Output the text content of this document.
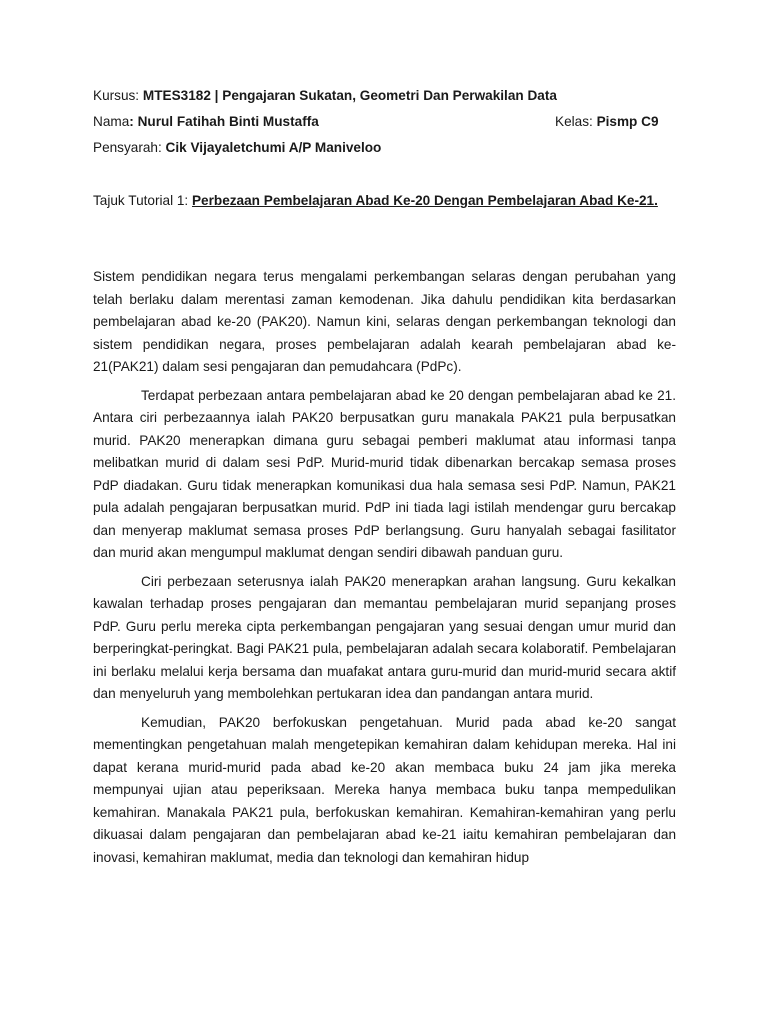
Kursus: MTES3182 | Pengajaran Sukatan, Geometri Dan Perwakilan Data
Nama: Nurul Fatihah Binti Mustaffa	Kelas: Pismp C9
Pensyarah: Cik Vijayaletchumi A/P Maniveloo
Tajuk Tutorial 1: Perbezaan Pembelajaran Abad Ke-20 Dengan Pembelajaran Abad Ke-21.

Sistem pendidikan negara terus mengalami perkembangan selaras dengan perubahan yang telah berlaku dalam merentasi zaman kemodenan. Jika dahulu pendidikan kita berdasarkan pembelajaran abad ke-20 (PAK20). Namun kini, selaras dengan perkembangan teknologi dan sistem pendidikan negara, proses pembelajaran adalah kearah pembelajaran abad ke-21(PAK21) dalam sesi pengajaran dan pemudahcara (PdPc).

Terdapat perbezaan antara pembelajaran abad ke 20 dengan pembelajaran abad ke 21. Antara ciri perbezaannya ialah PAK20 berpusatkan guru manakala PAK21 pula berpusatkan murid. PAK20 menerapkan dimana guru sebagai pemberi maklumat atau informasi tanpa melibatkan murid di dalam sesi PdP. Murid-murid tidak dibenarkan bercakap semasa proses PdP diadakan. Guru tidak menerapkan komunikasi dua hala semasa sesi PdP. Namun, PAK21 pula adalah pengajaran berpusatkan murid. PdP ini tiada lagi istilah mendengar guru bercakap dan menyerap maklumat semasa proses PdP berlangsung. Guru hanyalah sebagai fasilitator dan murid akan mengumpul maklumat dengan sendiri dibawah panduan guru.

Ciri perbezaan seterusnya ialah PAK20 menerapkan arahan langsung. Guru kekalkan kawalan terhadap proses pengajaran dan memantau pembelajaran murid sepanjang proses PdP. Guru perlu mereka cipta perkembangan pengajaran yang sesuai dengan umur murid dan berperingkat-peringkat. Bagi PAK21 pula, pembelajaran adalah secara kolaboratif. Pembelajaran ini berlaku melalui kerja bersama dan muafakat antara guru-murid dan murid-murid secara aktif dan menyeluruh yang membolehkan pertukaran idea dan pandangan antara murid.

Kemudian, PAK20 berfokuskan pengetahuan. Murid pada abad ke-20 sangat mementingkan pengetahuan malah mengetepikan kemahiran dalam kehidupan mereka. Hal ini dapat kerana murid-murid pada abad ke-20 akan membaca buku 24 jam jika mereka mempunyai ujian atau peperiksaan. Mereka hanya membaca buku tanpa mempedulikan kemahiran. Manakala PAK21 pula, berfokuskan kemahiran. Kemahiran-kemahiran yang perlu dikuasai dalam pengajaran dan pembelajaran abad ke-21 iaitu kemahiran pembelajaran dan inovasi, kemahiran maklumat, media dan teknologi dan kemahiran hidup
